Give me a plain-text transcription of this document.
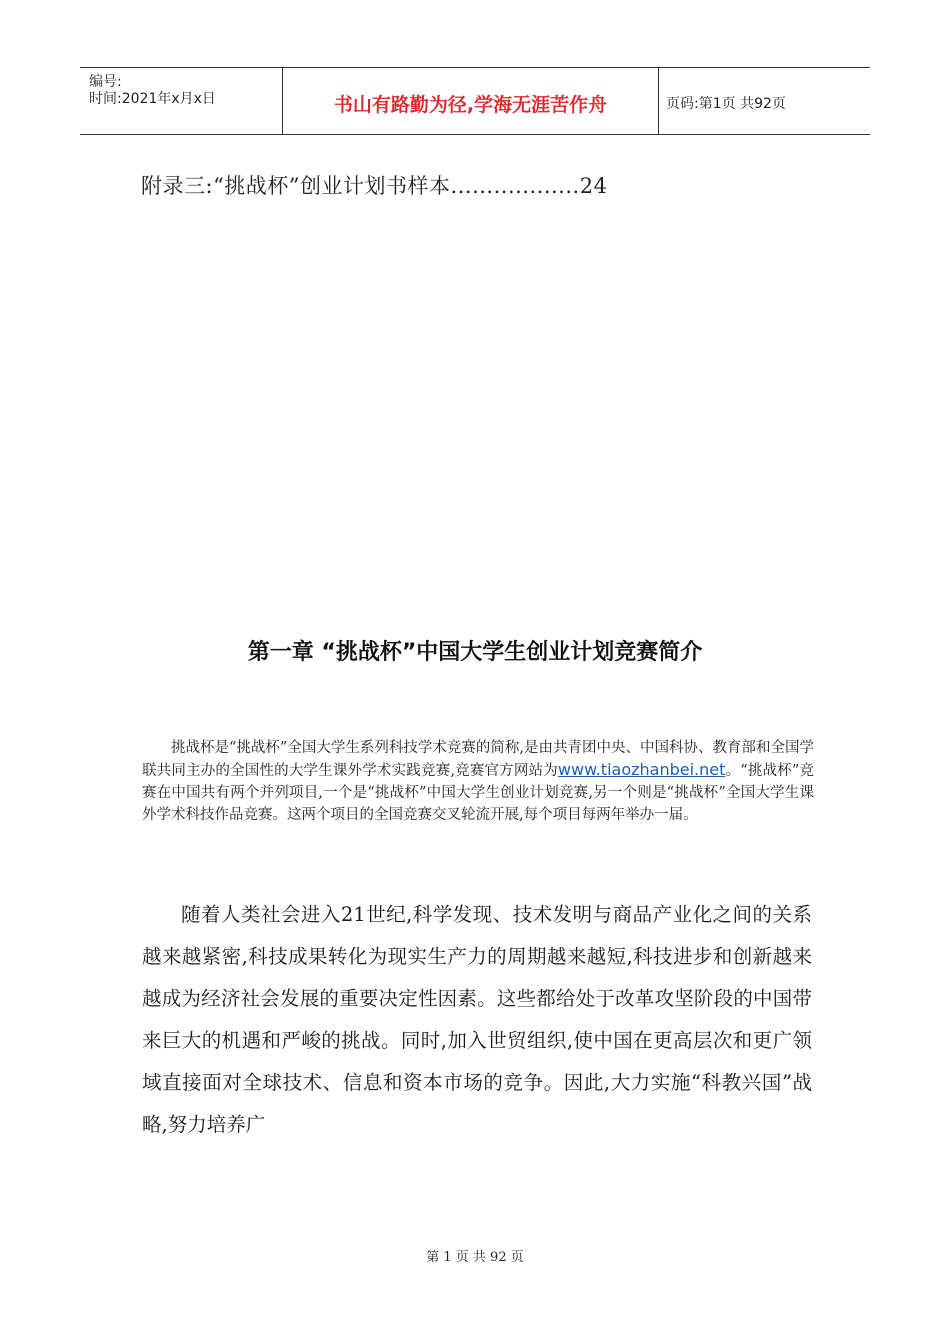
编号:
时间:2021年x月x日	书山有路勤为径,学海无涯苦作舟	页码:第1页 共92页
附录三:“挑战杯”创业计划书样本..................24
第一章 “挑战杯”中国大学生创业计划竞赛简介

挑战杯是“挑战杯”全国大学生系列科技学术竞赛的简称,是由共青团中央、中国科协、教育部和全国学联共同主办的全国性的大学生课外学术实践竞赛,竞赛官方网站为www.tiaozhanbei.net。“挑战杯”竞赛在中国共有两个并列项目,一个是“挑战杯”中国大学生创业计划竞赛,另一个则是“挑战杯”全国大学生课外学术科技作品竞赛。这两个项目的全国竞赛交叉轮流开展,每个项目每两年举办一届。

随着人类社会进入21世纪,科学发现、技术发明与商品产业化之间的关系越来越紧密,科技成果转化为现实生产力的周期越来越短,科技进步和创新越来越成为经济社会发展的重要决定性因素。这些都给处于改革攻坚阶段的中国带来巨大的机遇和严峻的挑战。同时,加入世贸组织,使中国在更高层次和更广领域直接面对全球技术、信息和资本市场的竞争。因此,大力实施“科教兴国”战略,努力培养广

第 1 页 共 92 页
